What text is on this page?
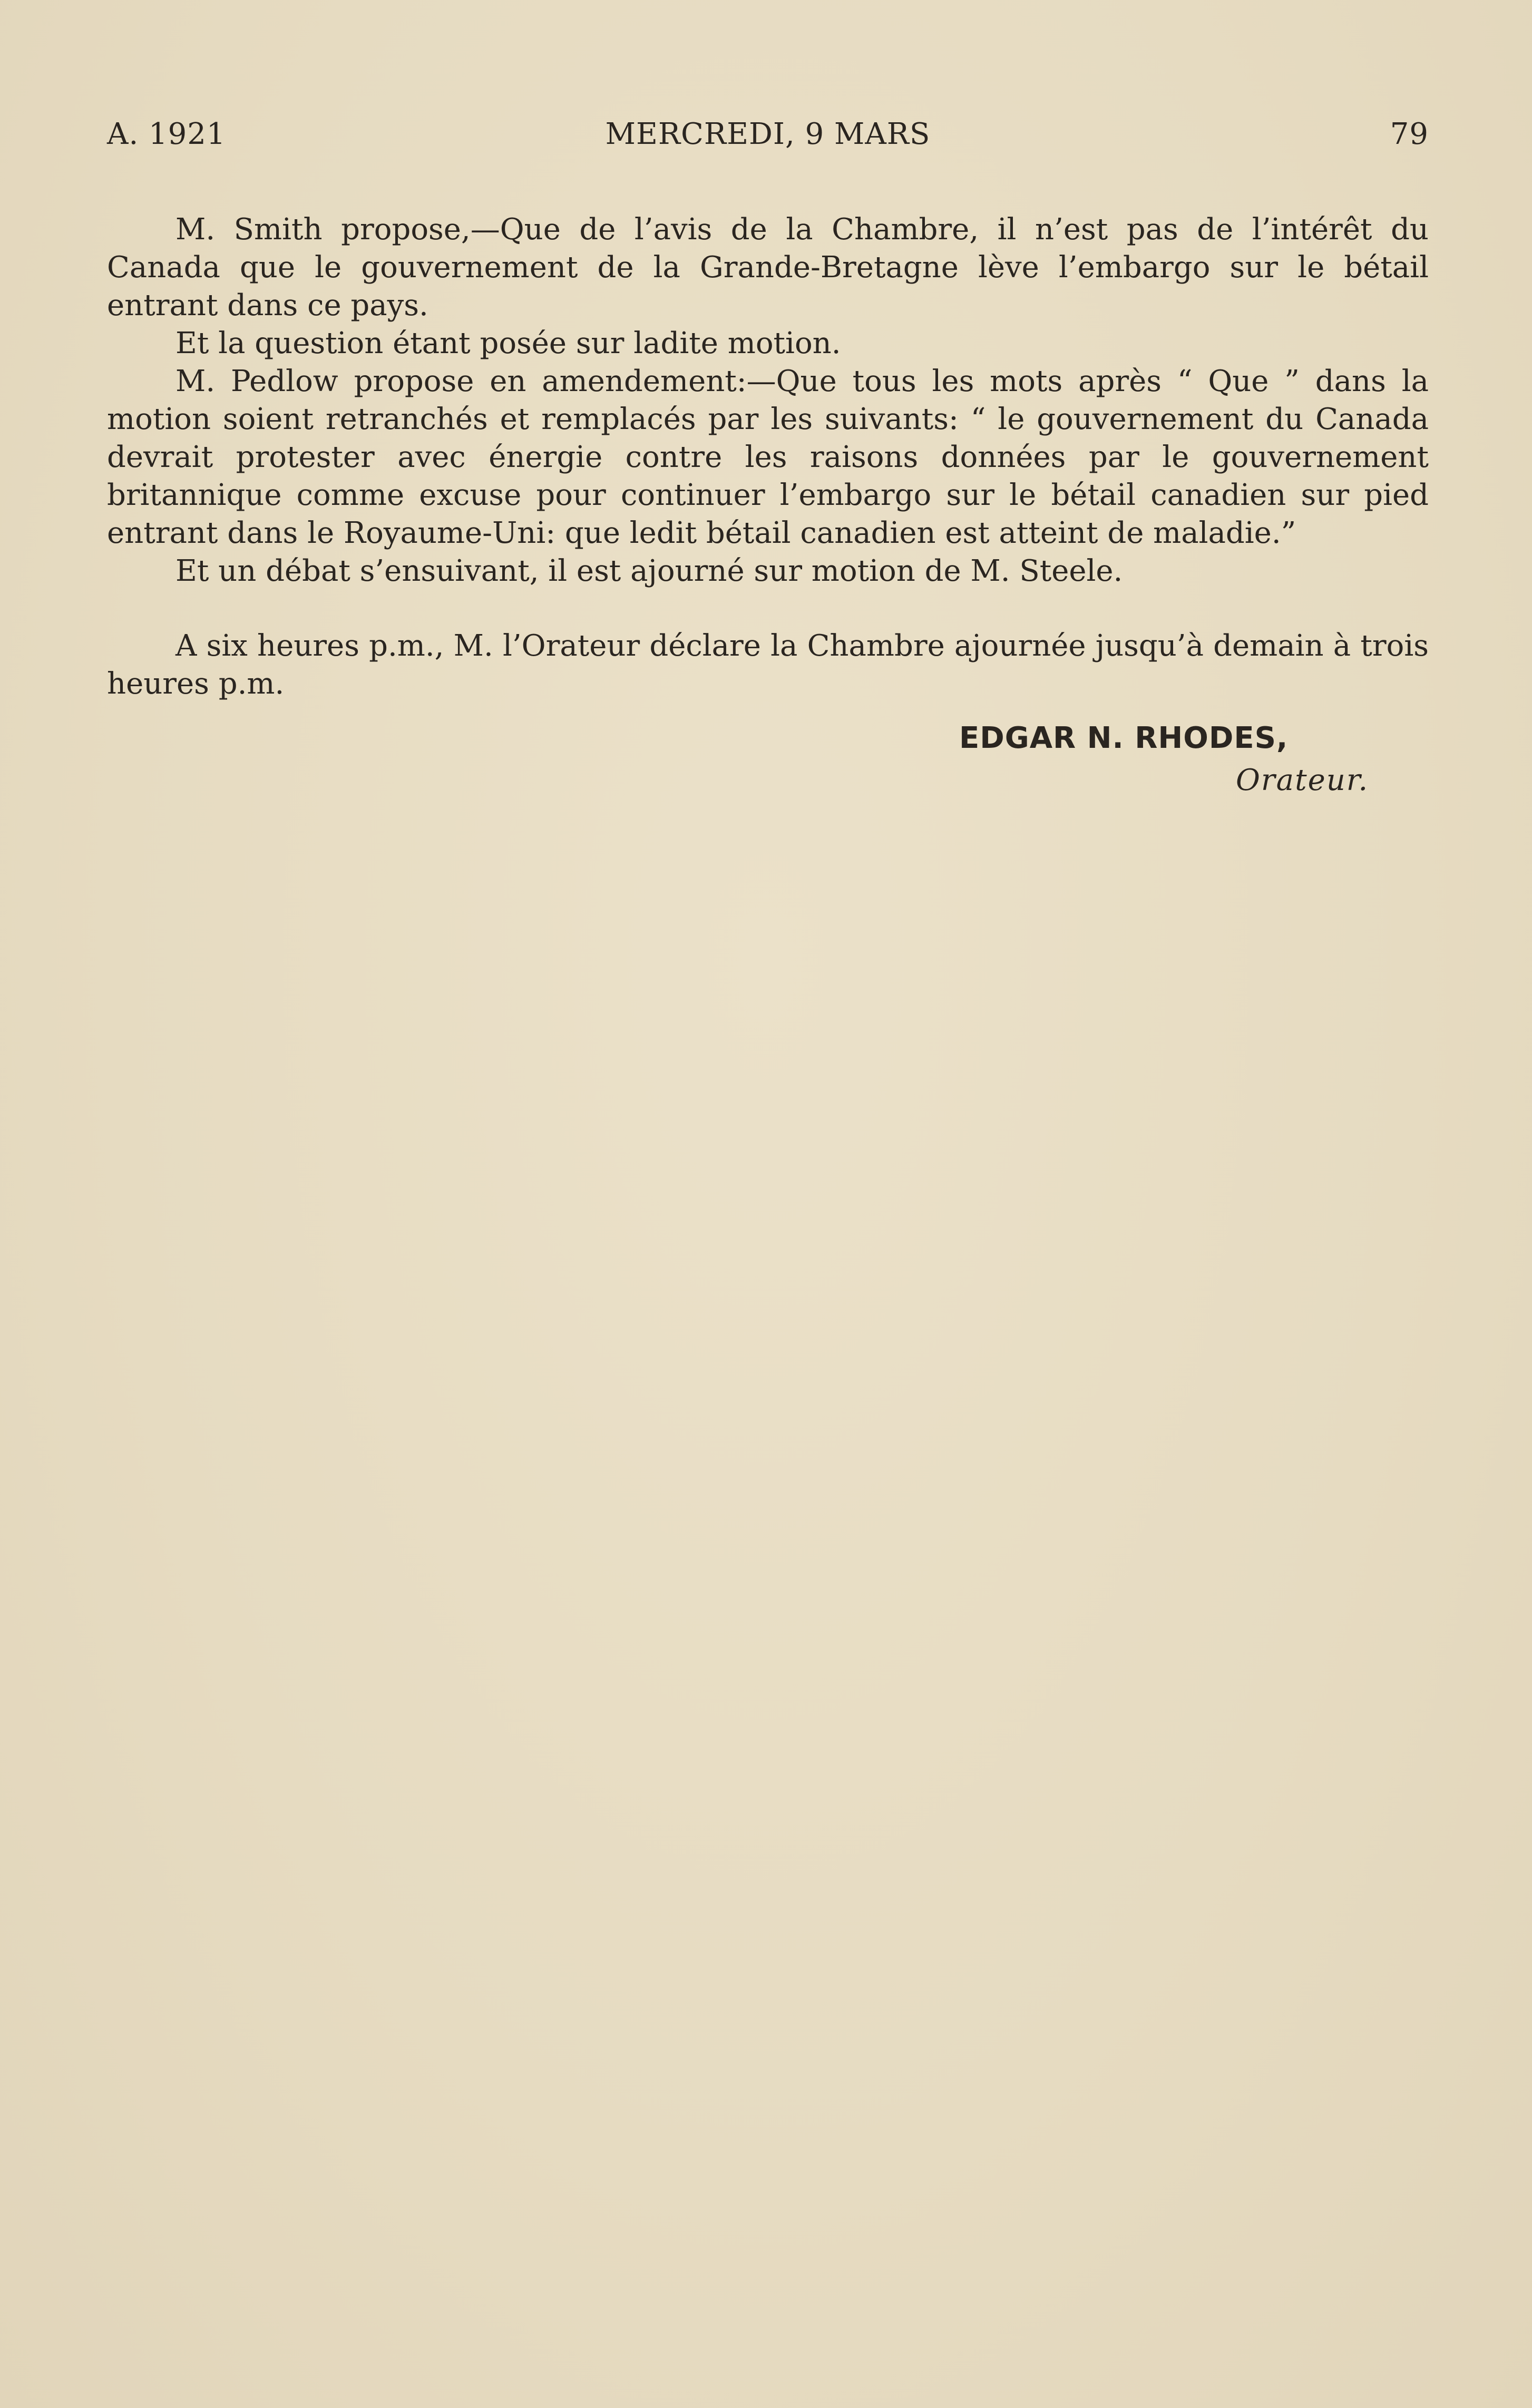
A. 1921	MERCREDI, 9 MARS	79

M. Smith propose,—Que de l’avis de la Chambre, il n’est pas de l’intérêt du Canada que le gouvernement de la Grande-Bretagne lève l’embargo sur le bétail entrant dans ce pays.

Et la question étant posée sur ladite motion.

M. Pedlow propose en amendement:—Que tous les mots après “ Que ” dans la motion soient retranchés et remplacés par les suivants: “ le gouvernement du Canada devrait protester avec énergie contre les raisons données par le gouvernement britannique comme excuse pour continuer l’embargo sur le bétail canadien sur pied entrant dans le Royaume-Uni: que ledit bétail canadien est atteint de maladie.”

Et un débat s’ensuivant, il est ajourné sur motion de M. Steele.

A six heures p.m., M. l’Orateur déclare la Chambre ajournée jusqu’à demain à trois heures p.m.

EDGAR N. RHODES,
Orateur.
